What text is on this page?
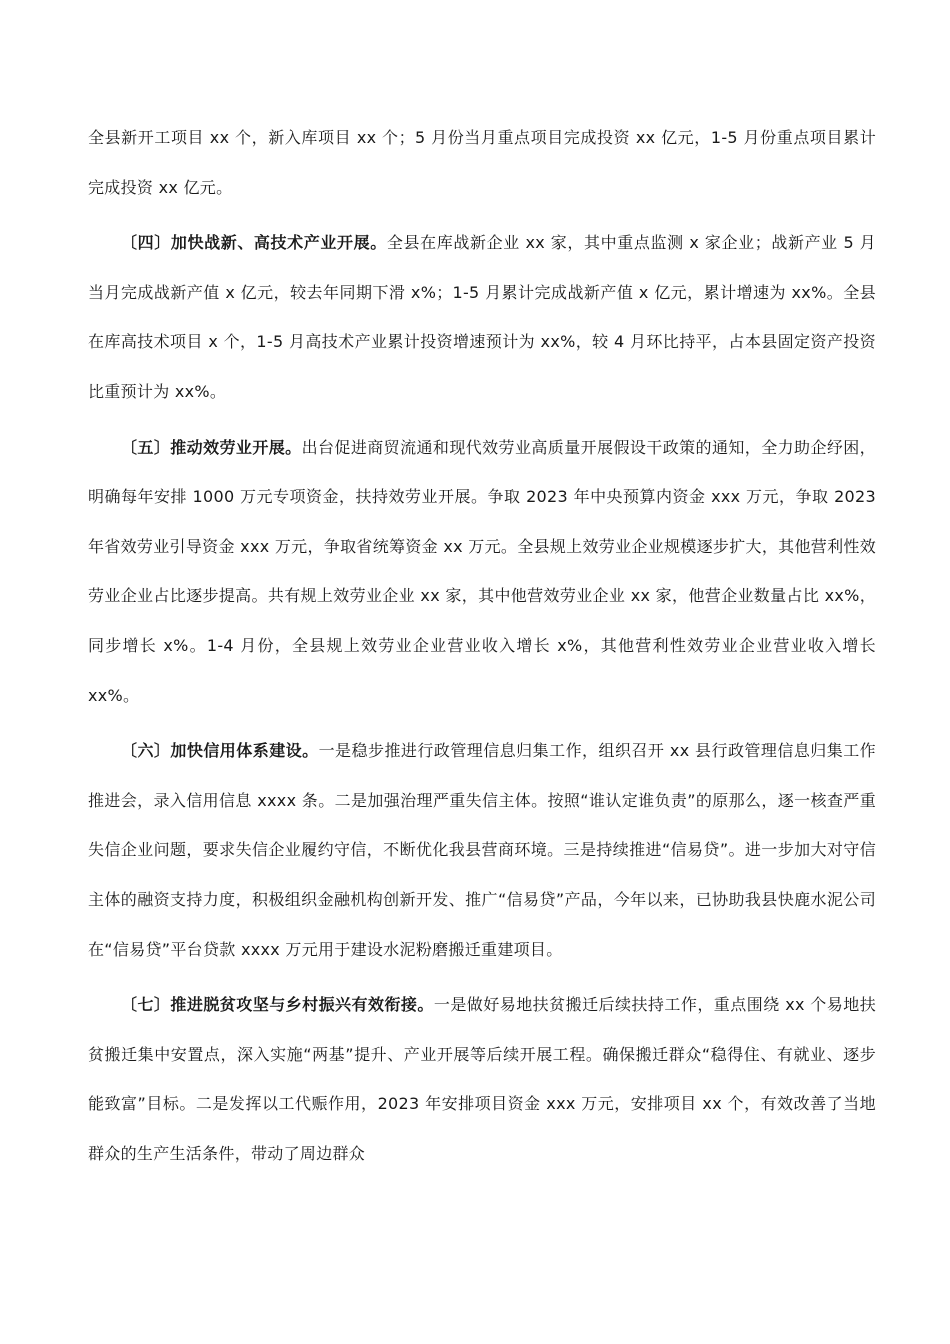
全县新开工项目 xx 个，新入库项目 xx 个；5 月份当月重点项目完成投资 xx 亿元，1-5 月份重点项目累计完成投资 xx 亿元。

〔四〕加快战新、高技术产业开展。全县在库战新企业 xx 家，其中重点监测 x 家企业；战新产业 5 月当月完成战新产值 x 亿元，较去年同期下滑 x%；1-5 月累计完成战新产值 x 亿元，累计增速为 xx%。全县在库高技术项目 x 个，1-5 月高技术产业累计投资增速预计为 xx%，较 4 月环比持平，占本县固定资产投资比重预计为 xx%。

〔五〕推动效劳业开展。出台促进商贸流通和现代效劳业高质量开展假设干政策的通知，全力助企纾困，明确每年安排 1000 万元专项资金，扶持效劳业开展。争取 2023 年中央预算内资金 xxx 万元，争取 2023 年省效劳业引导资金 xxx 万元，争取省统筹资金 xx 万元。全县规上效劳业企业规模逐步扩大，其他营利性效劳业企业占比逐步提高。共有规上效劳业企业 xx 家，其中他营效劳业企业 xx 家，他营企业数量占比 xx%，同步增长 x%。1-4 月份，全县规上效劳业企业营业收入增长 x%，其他营利性效劳业企业营业收入增长 xx%。

〔六〕加快信用体系建设。一是稳步推进行政管理信息归集工作，组织召开 xx 县行政管理信息归集工作推进会，录入信用信息 xxxx 条。二是加强治理严重失信主体。按照“谁认定谁负责”的原那么，逐一核查严重失信企业问题，要求失信企业履约守信，不断优化我县营商环境。三是持续推进“信易贷”。进一步加大对守信主体的融资支持力度，积极组织金融机构创新开发、推广“信易贷”产品，今年以来，已协助我县快鹿水泥公司在“信易贷”平台贷款 xxxx 万元用于建设水泥粉磨搬迁重建项目。

〔七〕推进脱贫攻坚与乡村振兴有效衔接。一是做好易地扶贫搬迁后续扶持工作，重点围绕 xx 个易地扶贫搬迁集中安置点，深入实施“两基”提升、产业开展等后续开展工程。确保搬迁群众“稳得住、有就业、逐步能致富”目标。二是发挥以工代赈作用，2023 年安排项目资金 xxx 万元，安排项目 xx 个，有效改善了当地群众的生产生活条件，带动了周边群众
